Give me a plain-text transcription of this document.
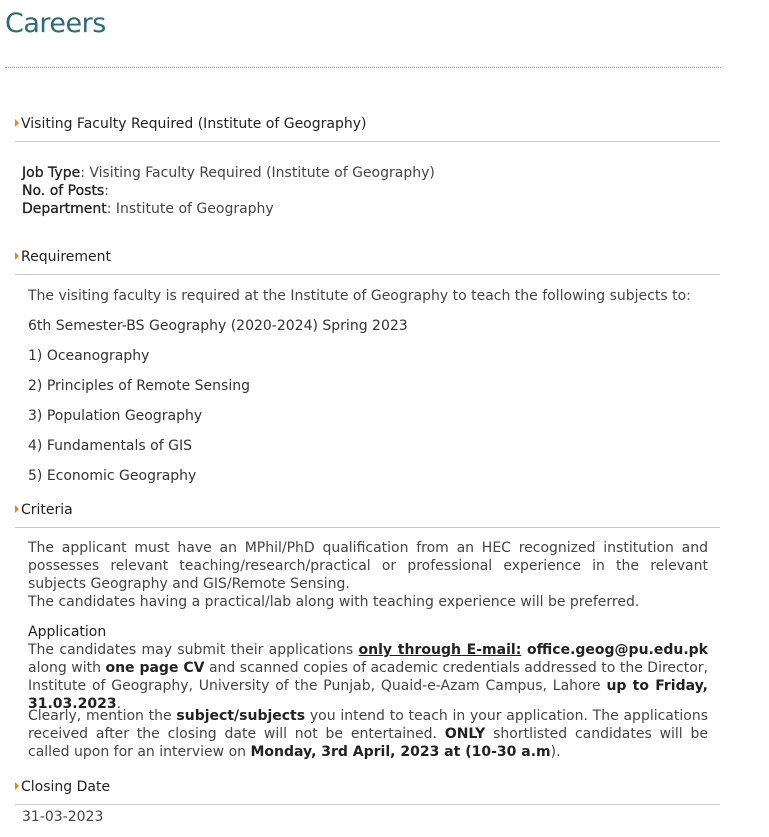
Careers
Visiting Faculty Required (Institute of Geography)
Job Type: Visiting Faculty Required (Institute of Geography)
No. of Posts:
Department: Institute of Geography
Requirement
The visiting faculty is required at the Institute of Geography to teach the following subjects to:
6th Semester-BS Geography (2020-2024) Spring 2023
1) Oceanography
2) Principles of Remote Sensing
3) Population Geography
4) Fundamentals of GIS
5) Economic Geography
Criteria
The applicant must have an MPhil/PhD qualification from an HEC recognized institution and possesses relevant teaching/research/practical or professional experience in the relevant subjects Geography and GIS/Remote Sensing.
The candidates having a practical/lab along with teaching experience will be preferred.
Application
The candidates may submit their applications only through E-mail: office.geog@pu.edu.pk along with one page CV and scanned copies of academic credentials addressed to the Director, Institute of Geography, University of the Punjab, Quaid-e-Azam Campus, Lahore up to Friday, 31.03.2023.
Clearly, mention the subject/subjects you intend to teach in your application. The applications received after the closing date will not be entertained. ONLY shortlisted candidates will be called upon for an interview on Monday, 3rd April, 2023 at (10-30 a.m).
Closing Date
31-03-2023
